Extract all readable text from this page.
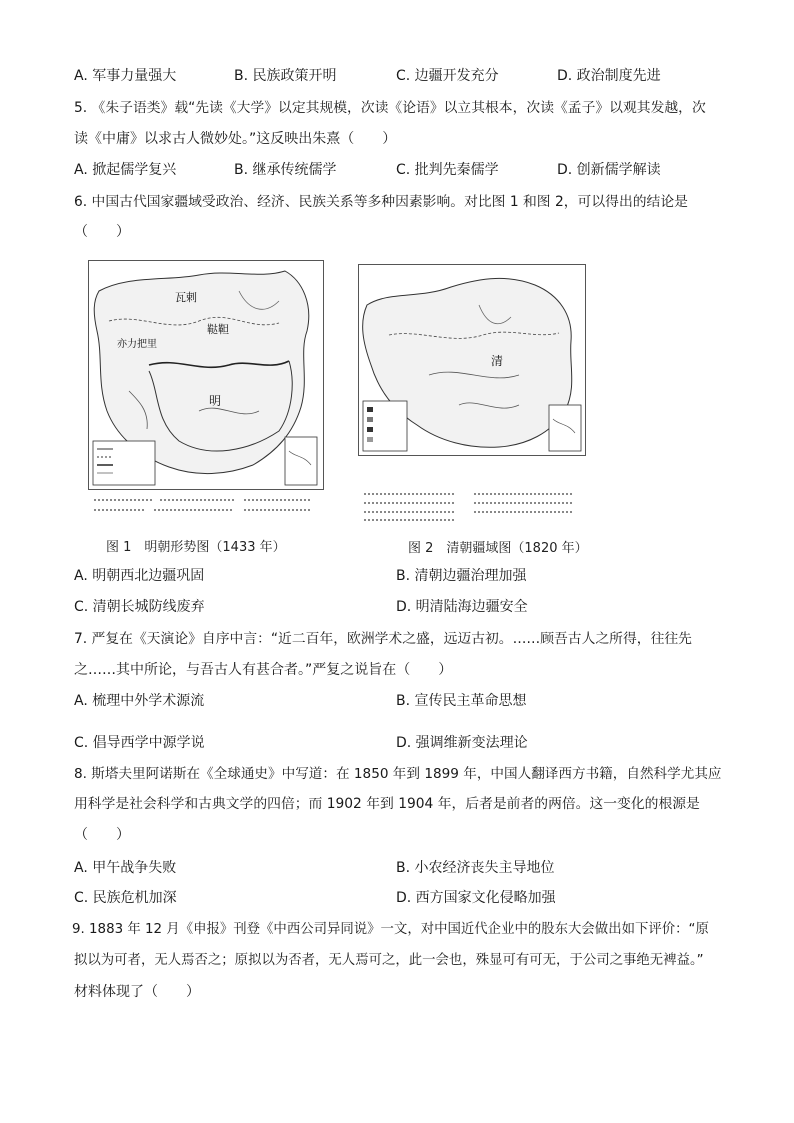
A. 军事力量强大	B. 民族政策开明	C. 边疆开发充分	D. 政治制度先进
5. 《朱子语类》载“先读《大学》以定其规模，次读《论语》以立其根本，次读《孟子》以观其发越，次
读《中庸》以求古人微妙处。”这反映出朱熹（　　）
A. 掀起儒学复兴	B. 继承传统儒学	C. 批判先秦儒学	D. 创新儒学解读
6. 中国古代国家疆域受政治、经济、民族关系等多种因素影响。对比图 1 和图 2，可以得出的结论是
（　　）
瓦剌
鞑靼
亦力把里
明
清
图 1　明朝形势图（1433 年）	图 2　清朝疆域图（1820 年）
A. 明朝西北边疆巩固	B. 清朝边疆治理加强
C. 清朝长城防线废弃	D. 明清陆海边疆安全
7. 严复在《天演论》自序中言：“近二百年，欧洲学术之盛，远迈古初。……顾吾古人之所得，往往先
之……其中所论，与吾古人有甚合者。”严复之说旨在（　　）
A. 梳理中外学术源流	B. 宣传民主革命思想
C. 倡导西学中源学说	D. 强调维新变法理论
8. 斯塔夫里阿诺斯在《全球通史》中写道：在 1850 年到 1899 年，中国人翻译西方书籍，自然科学尤其应
用科学是社会科学和古典文学的四倍；而 1902 年到 1904 年，后者是前者的两倍。这一变化的根源是
（　　）
A. 甲午战争失败	B. 小农经济丧失主导地位
C. 民族危机加深	D. 西方国家文化侵略加强
9. 1883 年 12 月《申报》刊登《中西公司异同说》一文，对中国近代企业中的股东大会做出如下评价：“原
拟以为可者，无人焉否之；原拟以为否者，无人焉可之，此一会也，殊显可有可无，于公司之事绝无裨益。”
材料体现了（　　）
